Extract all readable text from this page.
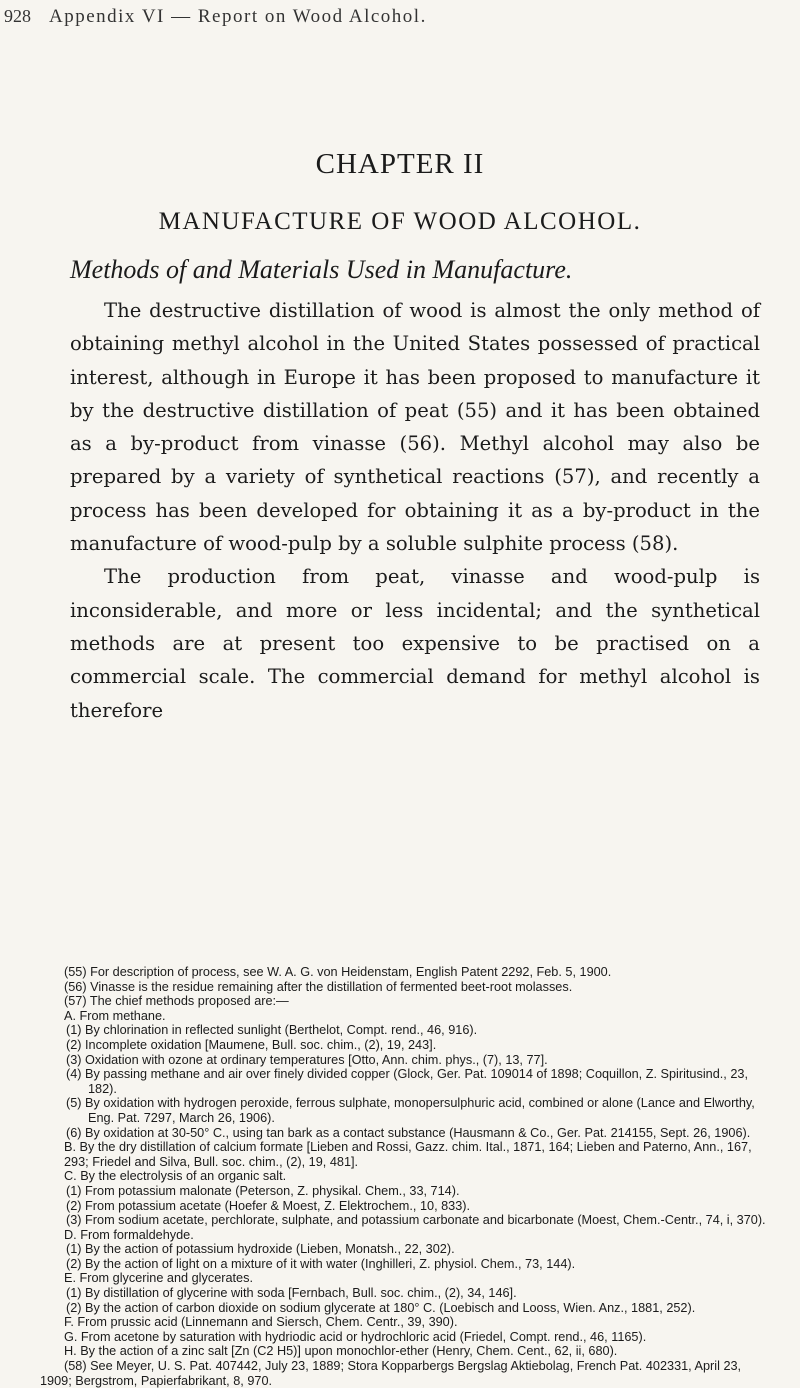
928 Appendix VI — Report on Wood Alcohol.
CHAPTER II
MANUFACTURE OF WOOD ALCOHOL.
Methods of and Materials Used in Manufacture.

The destructive distillation of wood is almost the only method of obtaining methyl alcohol in the United States possessed of practical interest, although in Europe it has been proposed to manufacture it by the destructive distillation of peat (55) and it has been obtained as a by-product from vinasse (56). Methyl alcohol may also be prepared by a variety of synthetical reactions (57), and recently a process has been developed for obtaining it as a by-product in the manufacture of wood-pulp by a soluble sulphite process (58).

The production from peat, vinasse and wood-pulp is inconsiderable, and more or less incidental; and the synthetical methods are at present too expensive to be practised on a commercial scale. The commercial demand for methyl alcohol is therefore

(55) For description of process, see W. A. G. von Heidenstam, English Patent 2292, Feb. 5, 1900.

(56) Vinasse is the residue remaining after the distillation of fermented beet-root molasses.

(57) The chief methods proposed are:—

A. From methane.

(1) By chlorination in reflected sunlight (Berthelot, Compt. rend., 46, 916).

(2) Incomplete oxidation [Maumene, Bull. soc. chim., (2), 19, 243].

(3) Oxidation with ozone at ordinary temperatures [Otto, Ann. chim. phys., (7), 13, 77].

(4) By passing methane and air over finely divided copper (Glock, Ger. Pat. 109014 of 1898; Coquillon, Z. Spiritusind., 23, 182).

(5) By oxidation with hydrogen peroxide, ferrous sulphate, monopersulphuric acid, combined or alone (Lance and Elworthy, Eng. Pat. 7297, March 26, 1906).

(6) By oxidation at 30-50° C., using tan bark as a contact substance (Hausmann & Co., Ger. Pat. 214155, Sept. 26, 1906).

B. By the dry distillation of calcium formate [Lieben and Rossi, Gazz. chim. Ital., 1871, 164; Lieben and Paterno, Ann., 167, 293; Friedel and Silva, Bull. soc. chim., (2), 19, 481].

C. By the electrolysis of an organic salt.

(1) From potassium malonate (Peterson, Z. physikal. Chem., 33, 714).

(2) From potassium acetate (Hoefer & Moest, Z. Elektrochem., 10, 833).

(3) From sodium acetate, perchlorate, sulphate, and potassium carbonate and bicarbonate (Moest, Chem.-Centr., 74, i, 370).

D. From formaldehyde.

(1) By the action of potassium hydroxide (Lieben, Monatsh., 22, 302).

(2) By the action of light on a mixture of it with water (Inghilleri, Z. physiol. Chem., 73, 144).

E. From glycerine and glycerates.

(1) By distillation of glycerine with soda [Fernbach, Bull. soc. chim., (2), 34, 146].

(2) By the action of carbon dioxide on sodium glycerate at 180° C. (Loebisch and Looss, Wien. Anz., 1881, 252).

F. From prussic acid (Linnemann and Siersch, Chem. Centr., 39, 390).

G. From acetone by saturation with hydriodic acid or hydrochloric acid (Friedel, Compt. rend., 46, 1165).

H. By the action of a zinc salt [Zn (C2 H5)] upon monochlor-ether (Henry, Chem. Cent., 62, ii, 680).

(58) See Meyer, U. S. Pat. 407442, July 23, 1889; Stora Kopparbergs Bergslag Aktiebolag, French Pat. 402331, April 23, 1909; Bergstrom, Papierfabrikant, 8, 970.
